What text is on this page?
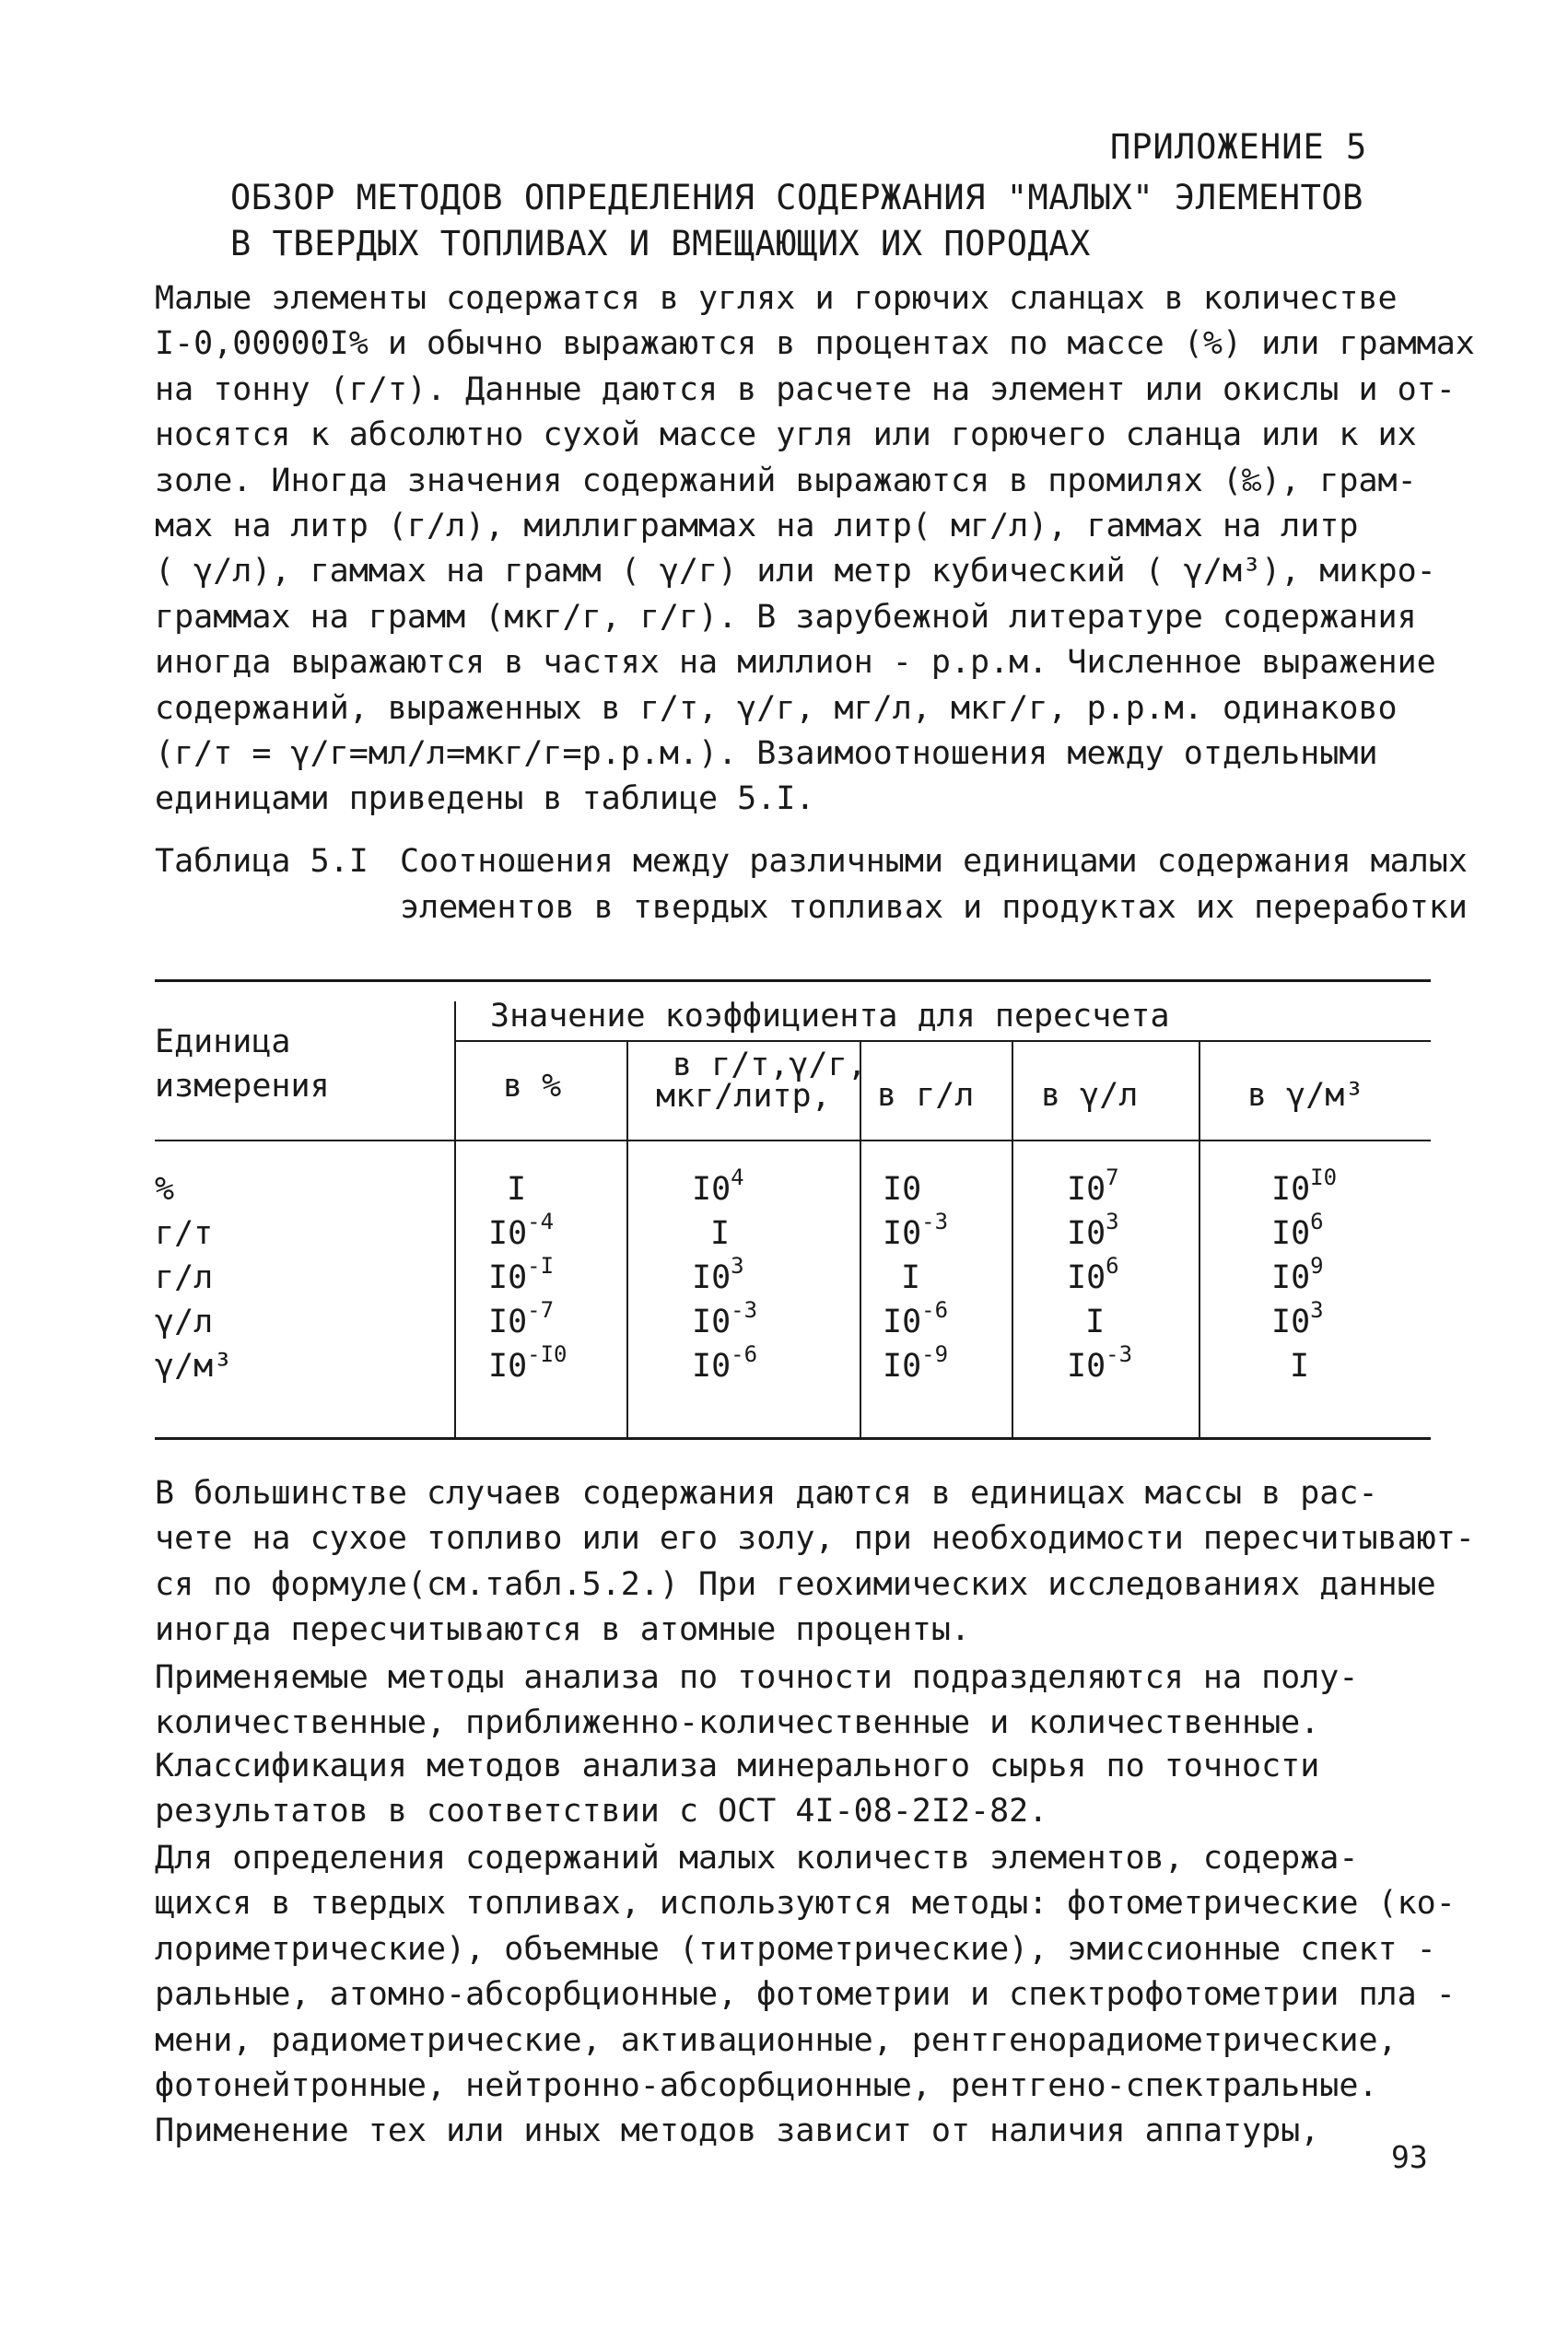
ПРИЛОЖЕНИЕ 5
ОБЗОР МЕТОДОВ ОПРЕДЕЛЕНИЯ СОДЕРЖАНИЯ "МАЛЫХ" ЭЛЕМЕНТОВ
В ТВЕРДЫХ ТОПЛИВАХ И ВМЕЩАЮЩИХ ИХ ПОРОДАХ
Малые элементы содержатся в углях и горючих сланцах в количестве
I-0,00000I% и обычно выражаются в процентах по массе (%) или граммах
на тонну (г/т). Данные даются в расчете на элемент или окислы и от-
носятся к абсолютно сухой массе угля или горючего сланца или к их
золе. Иногда значения содержаний выражаются в промилях (‰), грам-
мах на литр (г/л), миллиграммах на литр( мг/л), гаммах на литр
( γ/л), гаммах на грамм ( γ/г) или метр кубический ( γ/м³), микро-
граммах на грамм (мкг/г, г/г). В зарубежной литературе содержания
иногда выражаются в частях на миллион - р.р.м. Численное выражение
содержаний, выраженных в г/т, γ/г, мг/л, мкг/г, р.р.м. одинаково
(г/т = γ/г=мл/л=мкг/г=р.р.м.). Взаимоотношения между отдельными
единицами приведены в таблице 5.I.
Таблица 5.I Соотношения между различными единицами содержания малых
элементов в твердых топливах и продуктах их переработки
Единица
измерения
Значение коэффициента для пересчета
в %
в г/т,γ/г,
мкг/литр,	в г/л в γ/л	в γ/м³
%
г/т
г/л
γ/л
γ/м³
I
$I0^{-4}$
$I0^{-I}$
$I0^{-7}$
$I0^{-I0}$
$I0^4$
I
$I0^3$
$I0^{-3}$
$I0^{-6}$
I0
$I0^{-3}$
I
$I0^{-6}$
$I0^{-9}$
$I0^7$
$I0^3$
$I0^6$
I
$I0^{-3}$
$I0^{I0}$
$I0^6$
$I0^9$
$I0^3$
I
В большинстве случаев содержания даются в единицах массы в рас-
чете на сухое топливо или его золу, при необходимости пересчитывают-
ся по формуле(см.табл.5.2.) При геохимических исследованиях данные
иногда пересчитываются в атомные проценты.
Применяемые методы анализа по точности подразделяются на полу-
количественные, приближенно-количественные и количественные.
Классификация методов анализа минерального сырья по точности
результатов в соответствии с ОСТ 4I-08-2I2-82.
Для определения содержаний малых количеств элементов, содержа-
щихся в твердых топливах, используются методы: фотометрические (ко-
лориметрические), объемные (титрометрические), эмиссионные спект -
ральные, атомно-абсорбционные, фотометрии и спектрофотометрии пла -
мени, радиометрические, активационные, рентгенорадиометрические,
фотонейтронные, нейтронно-абсорбционные, рентгено-спектральные.
Применение тех или иных методов зависит от наличия аппатуры,
93
